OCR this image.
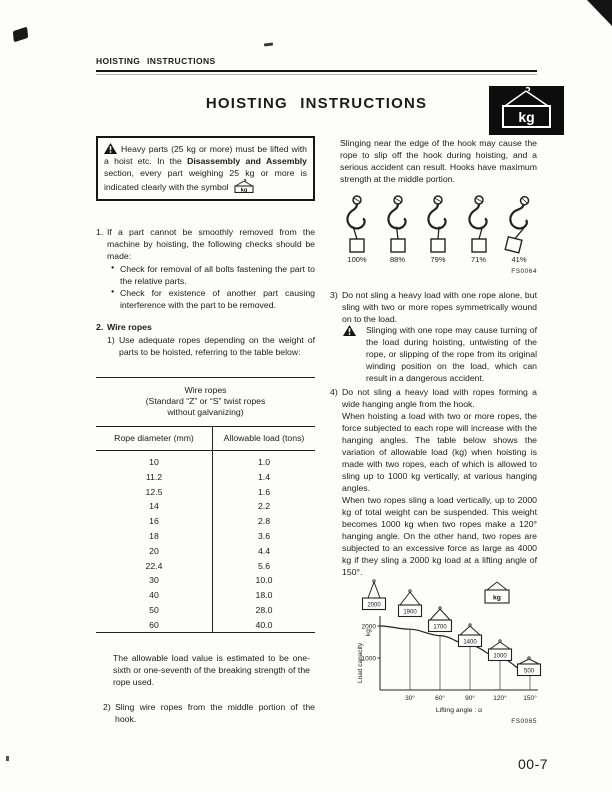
HOISTING INSTRUCTIONS
HOISTING INSTRUCTIONS
kg
Heavy parts (25 kg or more) must be lifted with a hoist etc. In the Disassembly and Assembly section, every part weighing 25 kg or more is indicated clearly with the symbol kg
1. If a part cannot be smoothly removed from the machine by hoisting, the following checks should be made:
● Check for removal of all bolts fastening the part to the relative parts.
● Check for existence of another part causing interference with the part to be removed.
2. Wire ropes
1) Use adequate ropes depending on the weight of parts to be hoisted, referring to the table below:
Wire ropes
(Standard “Z” or “S” twist ropes
without galvanizing)
Rope diameter (mm)	Allowable load (tons)
10	1.0
11.2	1.4
12.5	1.6
14	2.2
16	2.8
18	3.6
20	4.4
22.4	5.6
30	10.0
40	18.0
50	28.0
60	40.0
The allowable load value is estimated to be one-sixth or one-seventh of the breaking strength of the rope used.
2) Sling wire ropes from the middle portion of the hook.
Slinging near the edge of the hook may cause the rope to slip off the hook during hoisting, and a serious accident can result. Hooks have maximum strength at the middle portion.
100%	88%	79%	71%	41%
FS0064
3) Do not sling a heavy load with one rope alone, but sling with two or more ropes symmetrically wound on to the load.
Slinging with one rope may cause turning of the load during hoisting, untwisting of the rope, or slipping of the rope from its original winding position on the load, which can result in a dangerous accident.
4) Do not sling a heavy load with ropes forming a wide hanging angle from the hook.

When hoisting a load with two or more ropes, the force subjected to each rope will increase with the hanging angles. The table below shows the variation of allowable load (kg) when hoisting is made with two ropes, each of which is allowed to sling up to 1000 kg vertically, at various hanging angles.

When two ropes sling a load vertically, up to 2000 kg of total weight can be suspended. This weight becomes 1000 kg when two ropes make a 120° hanging angle. On the other hand, two ropes are subjected to an excessive force as large as 4000 kg if they sling a 2000 kg load at a lifting angle of 150°.

1000
2000
kg
Load capacity
30°	60°	90°	120°	150°
2000
1900
1700
1400
1000
500
kg
Lifting angle : α
FS0065
00-7
